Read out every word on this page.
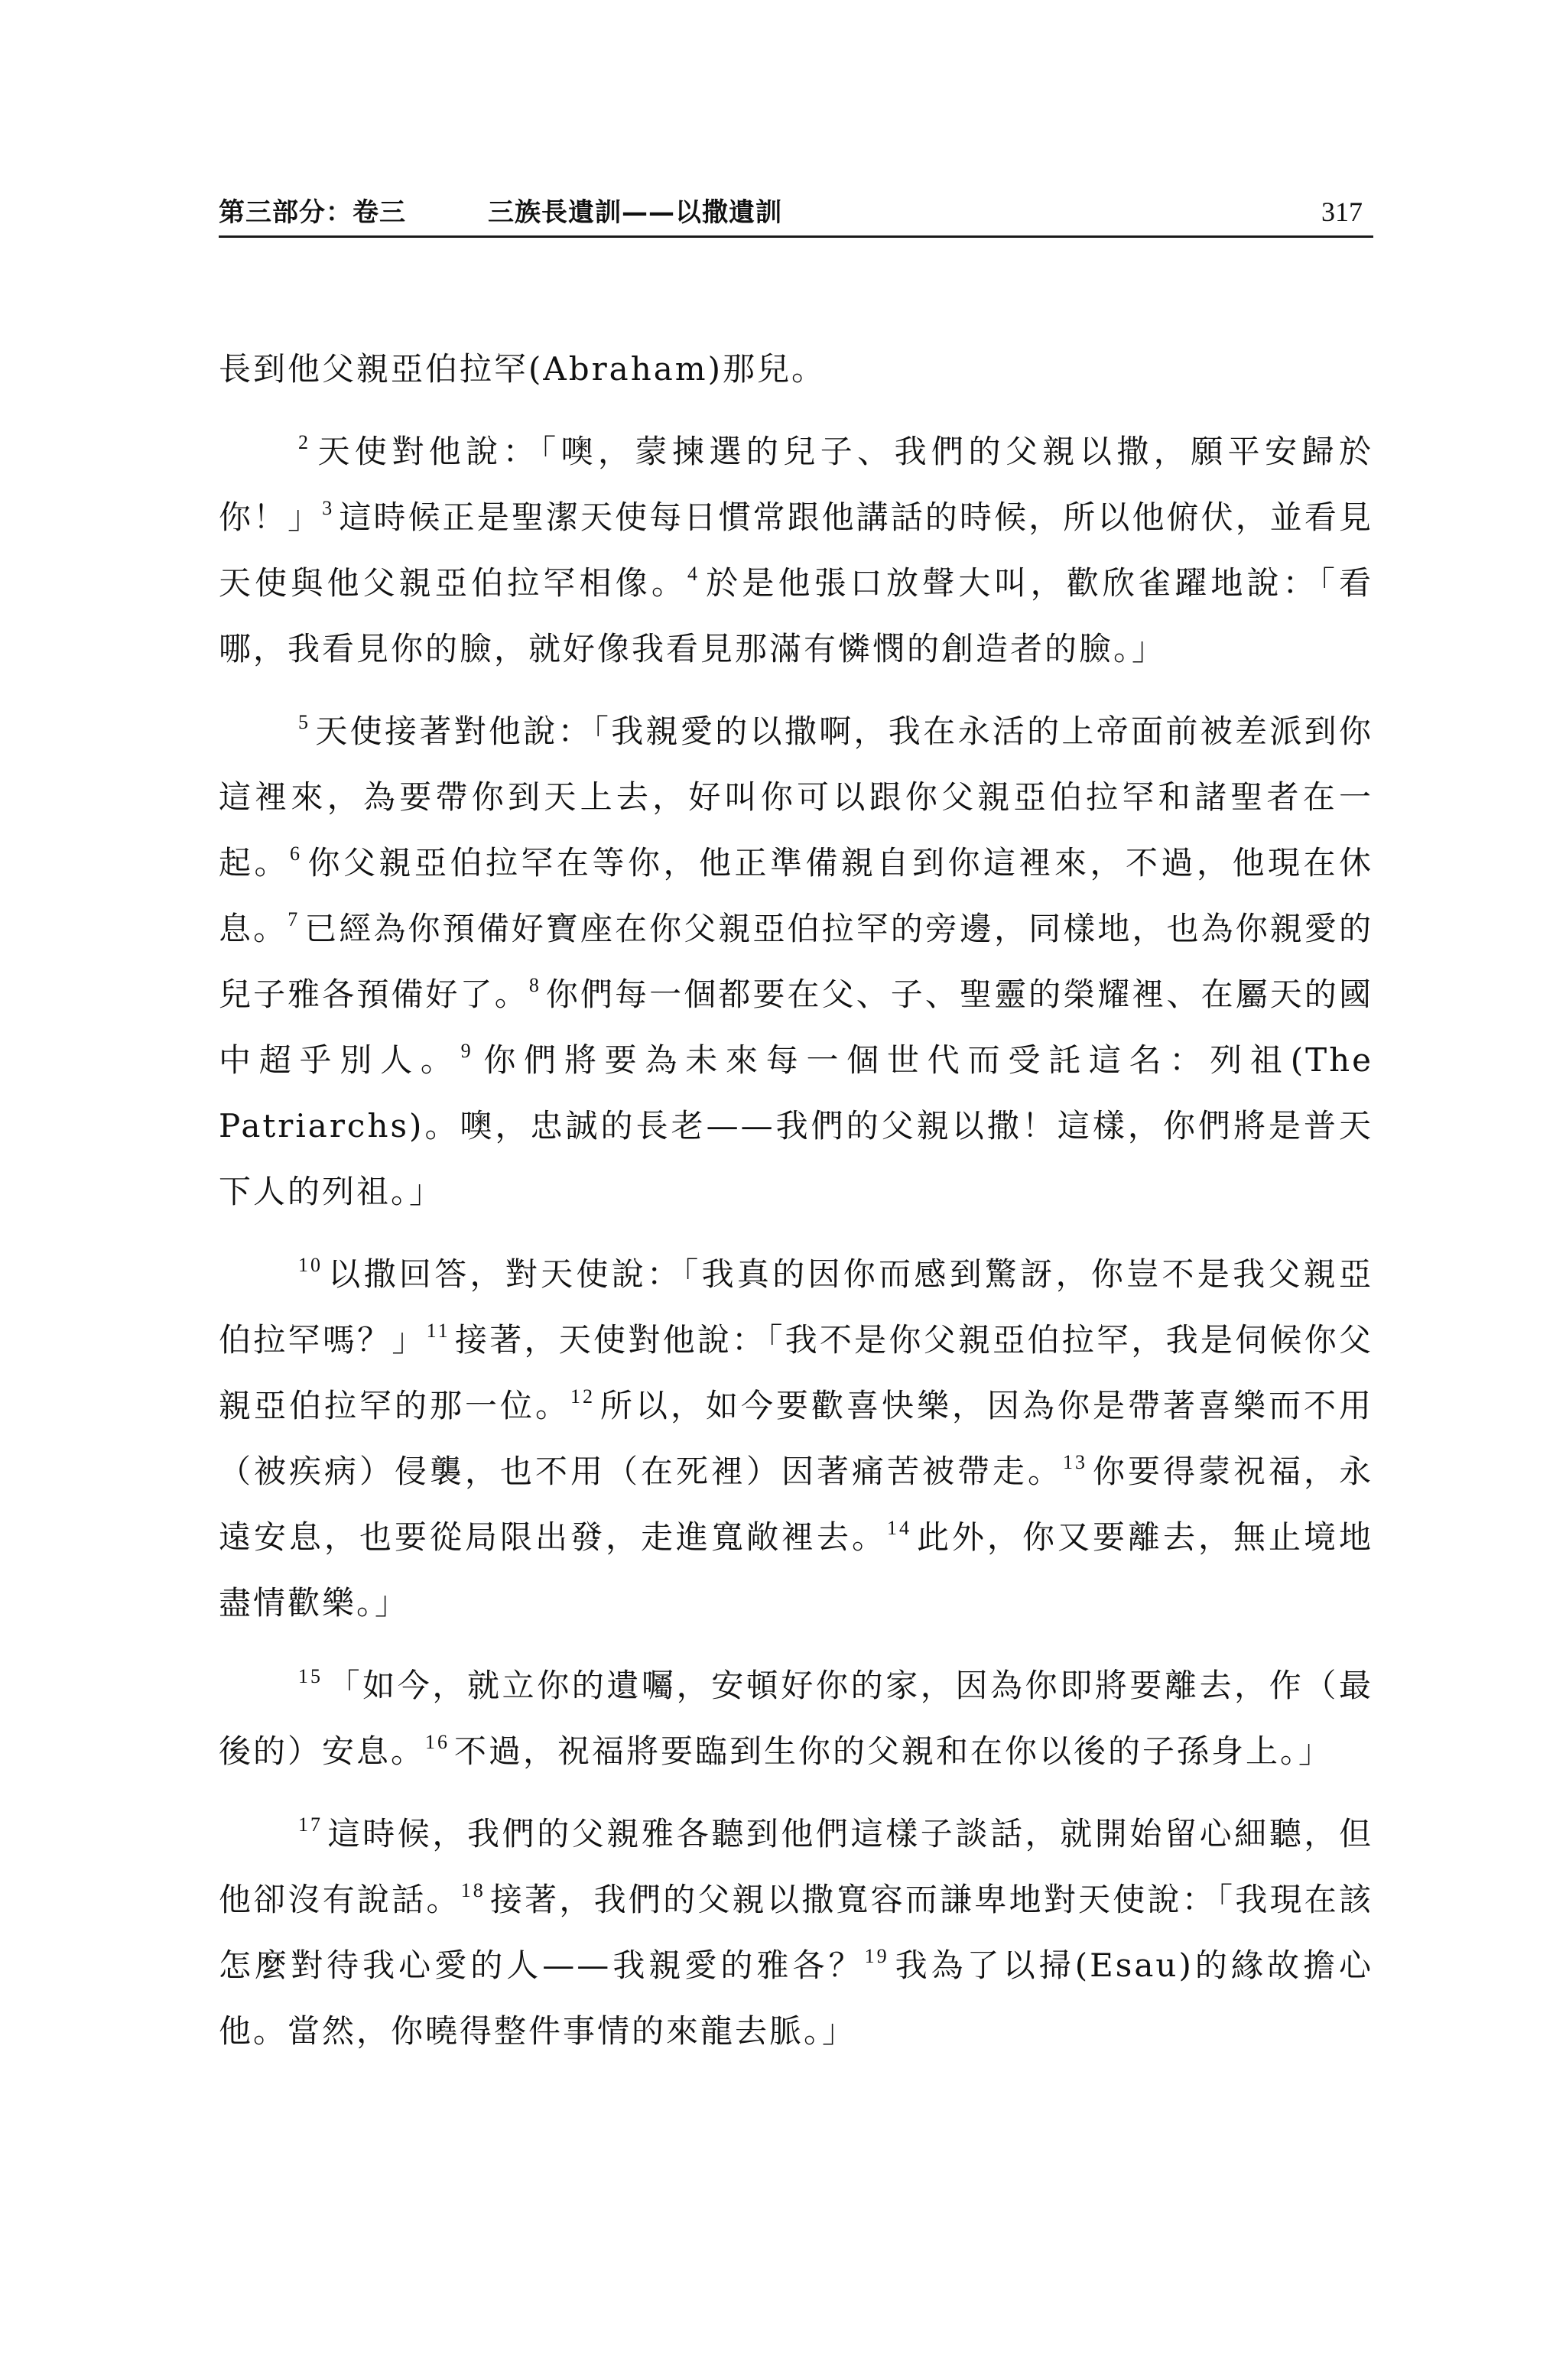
第三部分：卷三	三族長遺訓——以撒遺訓	317

長到他父親亞伯拉罕(Abraham)那兒。

$^2$ 天使對他說：「噢，蒙揀選的兒子、我們的父親以撒，願平安歸於你！」$^3$ 這時候正是聖潔天使每日慣常跟他講話的時候，所以他俯伏，並看見天使與他父親亞伯拉罕相像。$^4$ 於是他張口放聲大叫，歡欣雀躍地說：「看哪，我看見你的臉，就好像我看見那滿有憐憫的創造者的臉。」

$^5$ 天使接著對他說：「我親愛的以撒啊，我在永活的上帝面前被差派到你這裡來，為要帶你到天上去，好叫你可以跟你父親亞伯拉罕和諸聖者在一起。$^6$ 你父親亞伯拉罕在等你，他正準備親自到你這裡來，不過，他現在休息。$^7$ 已經為你預備好寶座在你父親亞伯拉罕的旁邊，同樣地，也為你親愛的兒子雅各預備好了。$^8$ 你們每一個都要在父、子、聖靈的榮耀裡、在屬天的國中超乎別人。$^9$ 你們將要為未來每一個世代而受託這名：列祖(The Patriarchs)。噢，忠誠的長老——我們的父親以撒！這樣，你們將是普天下人的列祖。」

$^{10}$ 以撒回答，對天使說：「我真的因你而感到驚訝，你豈不是我父親亞伯拉罕嗎？」$^{11}$ 接著，天使對他說：「我不是你父親亞伯拉罕，我是伺候你父親亞伯拉罕的那一位。$^{12}$ 所以，如今要歡喜快樂，因為你是帶著喜樂而不用（被疾病）侵襲，也不用（在死裡）因著痛苦被帶走。$^{13}$ 你要得蒙祝福，永遠安息，也要從局限出發，走進寬敞裡去。$^{14}$ 此外，你又要離去，無止境地盡情歡樂。」

$^{15}$ 「如今，就立你的遺囑，安頓好你的家，因為你即將要離去，作（最後的）安息。$^{16}$ 不過，祝福將要臨到生你的父親和在你以後的子孫身上。」

$^{17}$ 這時候，我們的父親雅各聽到他們這樣子談話，就開始留心細聽，但他卻沒有說話。$^{18}$ 接著，我們的父親以撒寬容而謙卑地對天使說：「我現在該怎麼對待我心愛的人——我親愛的雅各？$^{19}$ 我為了以掃(Esau)的緣故擔心他。當然，你曉得整件事情的來龍去脈。」
